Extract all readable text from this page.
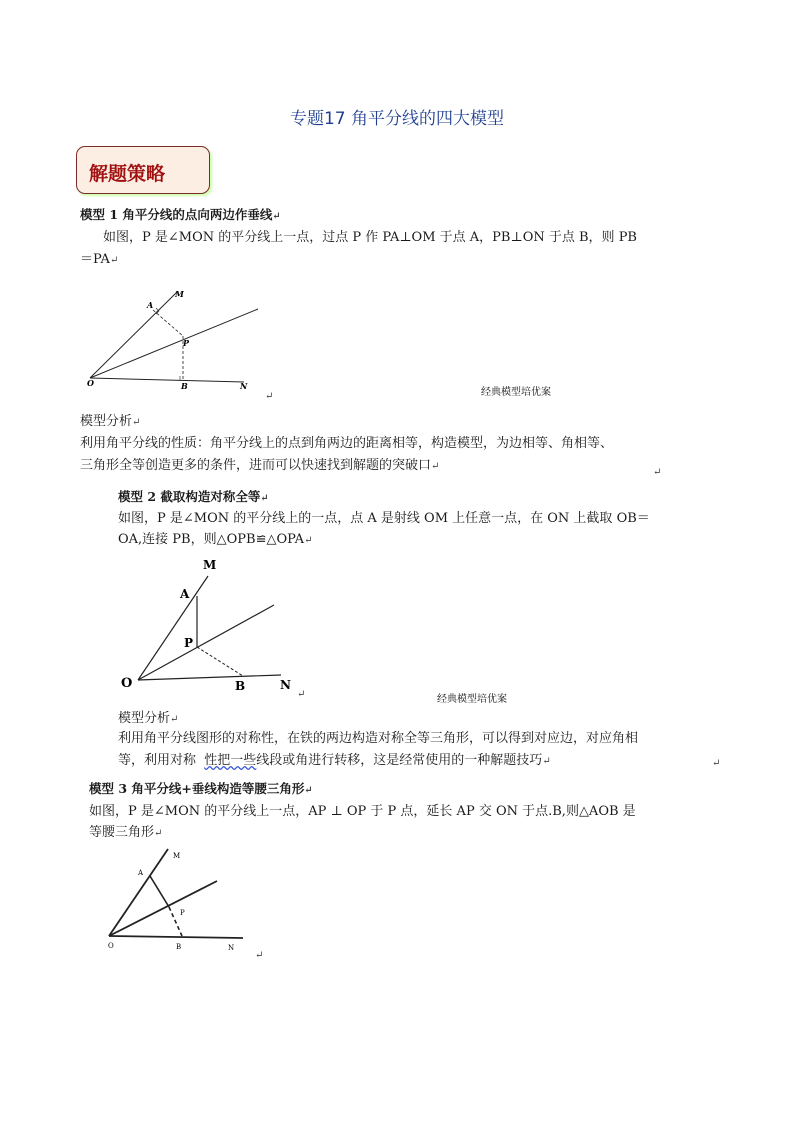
专题17 角平分线的四大模型
解题策略
模型 1 角平分线的点向两边作垂线↵
如图，P 是∠MON 的平分线上一点，过点 P 作 PA⊥OM 于点 A，PB⊥ON 于点 B，则 PB
＝PA↵
M
A
P
O	B	N
↵	经典模型培优案
模型分析↵
利用角平分线的性质：角平分线上的点到角两边的距离相等，构造模型，为边相等、角相等、
三角形全等创造更多的条件，进而可以快速找到解题的突破口↵
↵
模型 2 截取构造对称全等↵
如图，P 是∠MON 的平分线上的一点，点 A 是射线 OM 上任意一点，在 ON 上截取 OB＝
OA,连接 PB，则△OPB≌△OPA↵
M
A
P
O	B	N
↵	经典模型培优案
模型分析↵
利用角平分线图形的对称性，在铁的两边构造对称全等三角形，可以得到对应边，对应角相
等，利用对称 性把一些线段或角进行转移，这是经常使用的一种解题技巧↵	↵
模型 3 角平分线+垂线构造等腰三角形↵
如图，P 是∠MON 的平分线上一点，AP ⊥ OP 于 P 点，延长 AP 交 ON 于点.B,则△AOB 是
等腰三角形↵
M
A
P
O	B	N
↵
